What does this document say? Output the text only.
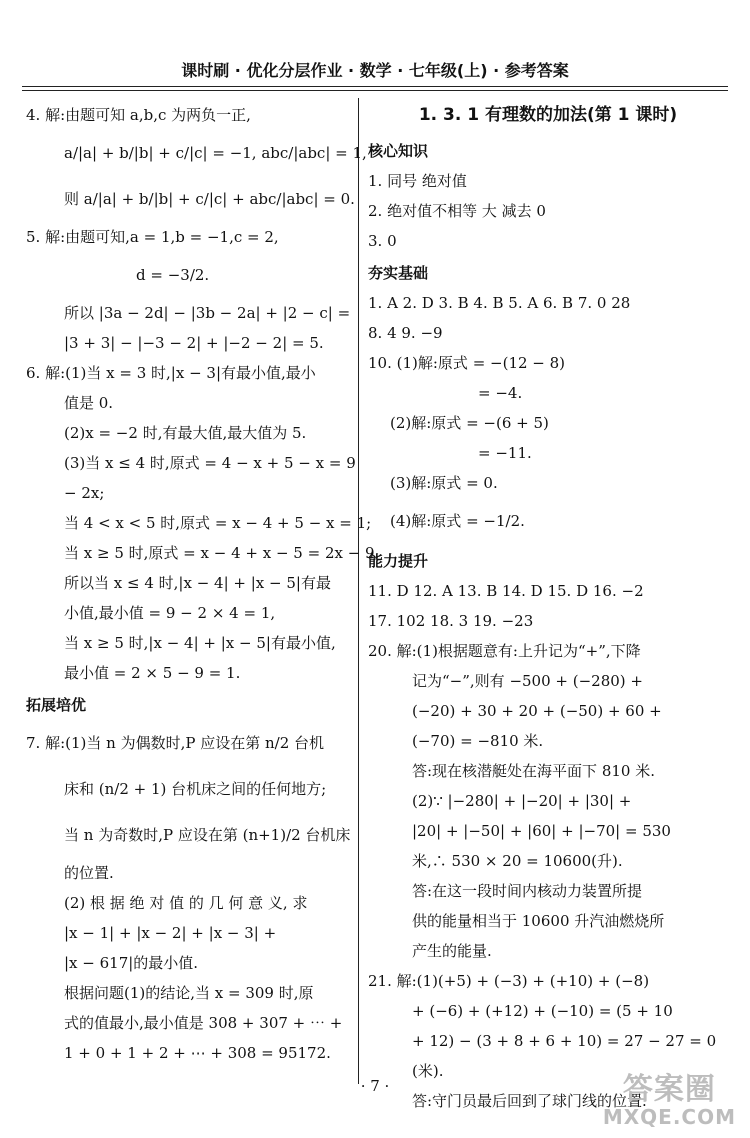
课时刷 · 优化分层作业 · 数学 · 七年级(上) · 参考答案
4. 解:由题可知 a,b,c 为两负一正,
a/|a| + b/|b| + c/|c| = −1, abc/|abc| = 1,
则 a/|a| + b/|b| + c/|c| + abc/|abc| = 0.
5. 解:由题可知,a = 1,b = −1,c = 2,
d = −3/2.
所以 |3a − 2d| − |3b − 2a| + |2 − c| =
|3 + 3| − |−3 − 2| + |−2 − 2| = 5.
6. 解:(1)当 x = 3 时,|x − 3|有最小值,最小
值是 0.
(2)x = −2 时,有最大值,最大值为 5.
(3)当 x ≤ 4 时,原式 = 4 − x + 5 − x = 9
− 2x;
当 4 < x < 5 时,原式 = x − 4 + 5 − x = 1;
当 x ≥ 5 时,原式 = x − 4 + x − 5 = 2x − 9.
所以当 x ≤ 4 时,|x − 4| + |x − 5|有最
小值,最小值 = 9 − 2 × 4 = 1,
当 x ≥ 5 时,|x − 4| + |x − 5|有最小值,
最小值 = 2 × 5 − 9 = 1.
拓展培优
7. 解:(1)当 n 为偶数时,P 应设在第 n/2 台机
床和 (n/2 + 1) 台机床之间的任何地方;
当 n 为奇数时,P 应设在第 (n+1)/2 台机床
的位置.
(2) 根 据 绝 对 值 的 几 何 意 义, 求
|x − 1| + |x − 2| + |x − 3| +
|x − 617|的最小值.
根据问题(1)的结论,当 x = 309 时,原
式的值最小,最小值是 308 + 307 + ⋯ +
1 + 0 + 1 + 2 + ⋯ + 308 = 95172.
1. 3. 1 有理数的加法(第 1 课时)
核心知识
1. 同号 绝对值
2. 绝对值不相等 大 减去 0
3. 0
夯实基础
1. A 2. D 3. B 4. B 5. A 6. B 7. 0 28
8. 4 9. −9
10. (1)解:原式 = −(12 − 8)
= −4.
(2)解:原式 = −(6 + 5)
= −11.
(3)解:原式 = 0.
(4)解:原式 = −1/2.
能力提升
11. D 12. A 13. B 14. D 15. D 16. −2
17. 102 18. 3 19. −23
20. 解:(1)根据题意有:上升记为“+”,下降
记为“−”,则有 −500 + (−280) +
(−20) + 30 + 20 + (−50) + 60 +
(−70) = −810 米.
答:现在核潜艇处在海平面下 810 米.
(2)∵ |−280| + |−20| + |30| +
|20| + |−50| + |60| + |−70| = 530
米,∴ 530 × 20 = 10600(升).
答:在这一段时间内核动力装置所提
供的能量相当于 10600 升汽油燃烧所
产生的能量.
21. 解:(1)(+5) + (−3) + (+10) + (−8)
+ (−6) + (+12) + (−10) = (5 + 10
+ 12) − (3 + 8 + 6 + 10) = 27 − 27 = 0
(米).
答:守门员最后回到了球门线的位置.
· 7 ·	答案圈
MXQE.COM
